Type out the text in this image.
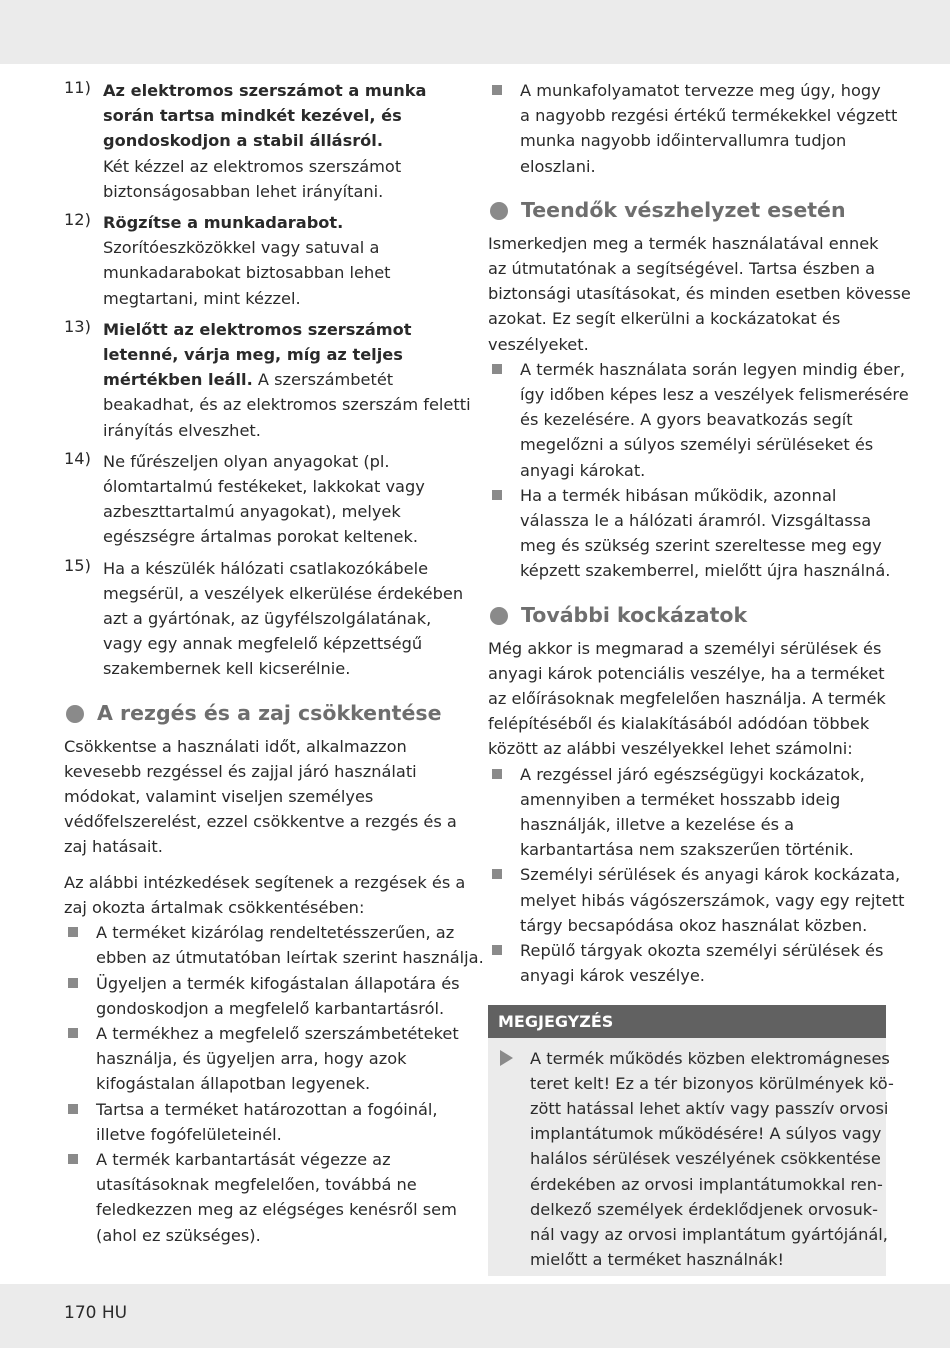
11) Az elektromos szerszámot a munka
során tartsa mindkét kezével, és
gondoskodjon a stabil állásról.
Két kézzel az elektromos szerszámot
biztonságosabban lehet irányítani.
12) Rögzítse a munkadarabot.
Szorítóeszközökkel vagy satuval a
munkadarabokat biztosabban lehet
megtartani, mint kézzel.
13) Mielőtt az elektromos szerszámot
letenné, várja meg, míg az teljes
mértékben leáll. A szerszámbetét
beakadhat, és az elektromos szerszám feletti
irányítás elveszhet.
14) Ne fűrészeljen olyan anyagokat (pl.
ólomtartalmú festékeket, lakkokat vagy
azbeszttartalmú anyagokat), melyek
egészségre ártalmas porokat keltenek.
15) Ha a készülék hálózati csatlakozókábele
megsérül, a veszélyek elkerülése érdekében
azt a gyártónak, az ügyfélszolgálatának,
vagy egy annak megfelelő képzettségű
szakembernek kell kicserélnie.
A rezgés és a zaj csökkentése
Csökkentse a használati időt, alkalmazzon
kevesebb rezgéssel és zajjal járó használati
módokat, valamint viseljen személyes
védőfelszerelést, ezzel csökkentve a rezgés és a
zaj hatásait.
Az alábbi intézkedések segítenek a rezgések és a
zaj okozta ártalmak csökkentésében:
A terméket kizárólag rendeltetésszerűen, az
ebben az útmutatóban leírtak szerint használja.
Ügyeljen a termék kifogástalan állapotára és
gondoskodjon a megfelelő karbantartásról.
A termékhez a megfelelő szerszámbetéteket
használja, és ügyeljen arra, hogy azok
kifogástalan állapotban legyenek.
Tartsa a terméket határozottan a fogóinál,
illetve fogófelületeinél.
A termék karbantartását végezze az
utasításoknak megfelelően, továbbá ne
feledkezzen meg az elégséges kenésről sem
(ahol ez szükséges).
A munkafolyamatot tervezze meg úgy, hogy
a nagyobb rezgési értékű termékekkel végzett
munka nagyobb időintervallumra tudjon
eloszlani.
Teendők vészhelyzet esetén
Ismerkedjen meg a termék használatával ennek
az útmutatónak a segítségével. Tartsa észben a
biztonsági utasításokat, és minden esetben kövesse
azokat. Ez segít elkerülni a kockázatokat és
veszélyeket.
A termék használata során legyen mindig éber,
így időben képes lesz a veszélyek felismerésére
és kezelésére. A gyors beavatkozás segít
megelőzni a súlyos személyi sérüléseket és
anyagi károkat.
Ha a termék hibásan működik, azonnal
válassza le a hálózati áramról. Vizsgáltassa
meg és szükség szerint szereltesse meg egy
képzett szakemberrel, mielőtt újra használná.
További kockázatok
Még akkor is megmarad a személyi sérülések és
anyagi károk potenciális veszélye, ha a terméket
az előírásoknak megfelelően használja. A termék
felépítéséből és kialakításából adódóan többek
között az alábbi veszélyekkel lehet számolni:
A rezgéssel járó egészségügyi kockázatok,
amennyiben a terméket hosszabb ideig
használják, illetve a kezelése és a
karbantartása nem szakszerűen történik.
Személyi sérülések és anyagi károk kockázata,
melyet hibás vágószerszámok, vagy egy rejtett
tárgy becsapódása okoz használat közben.
Repülő tárgyak okozta személyi sérülések és
anyagi károk veszélye.
MEGJEGYZÉS
A termék működés közben elektromágneses
teret kelt! Ez a tér bizonyos körülmények kö-
zött hatással lehet aktív vagy passzív orvosi
implantátumok működésére! A súlyos vagy
halálos sérülések veszélyének csökkentése
érdekében az orvosi implantátumokkal ren-
delkező személyek érdeklődjenek orvosuk-
nál vagy az orvosi implantátum gyártójánál,
mielőtt a terméket használnák!
170 HU
